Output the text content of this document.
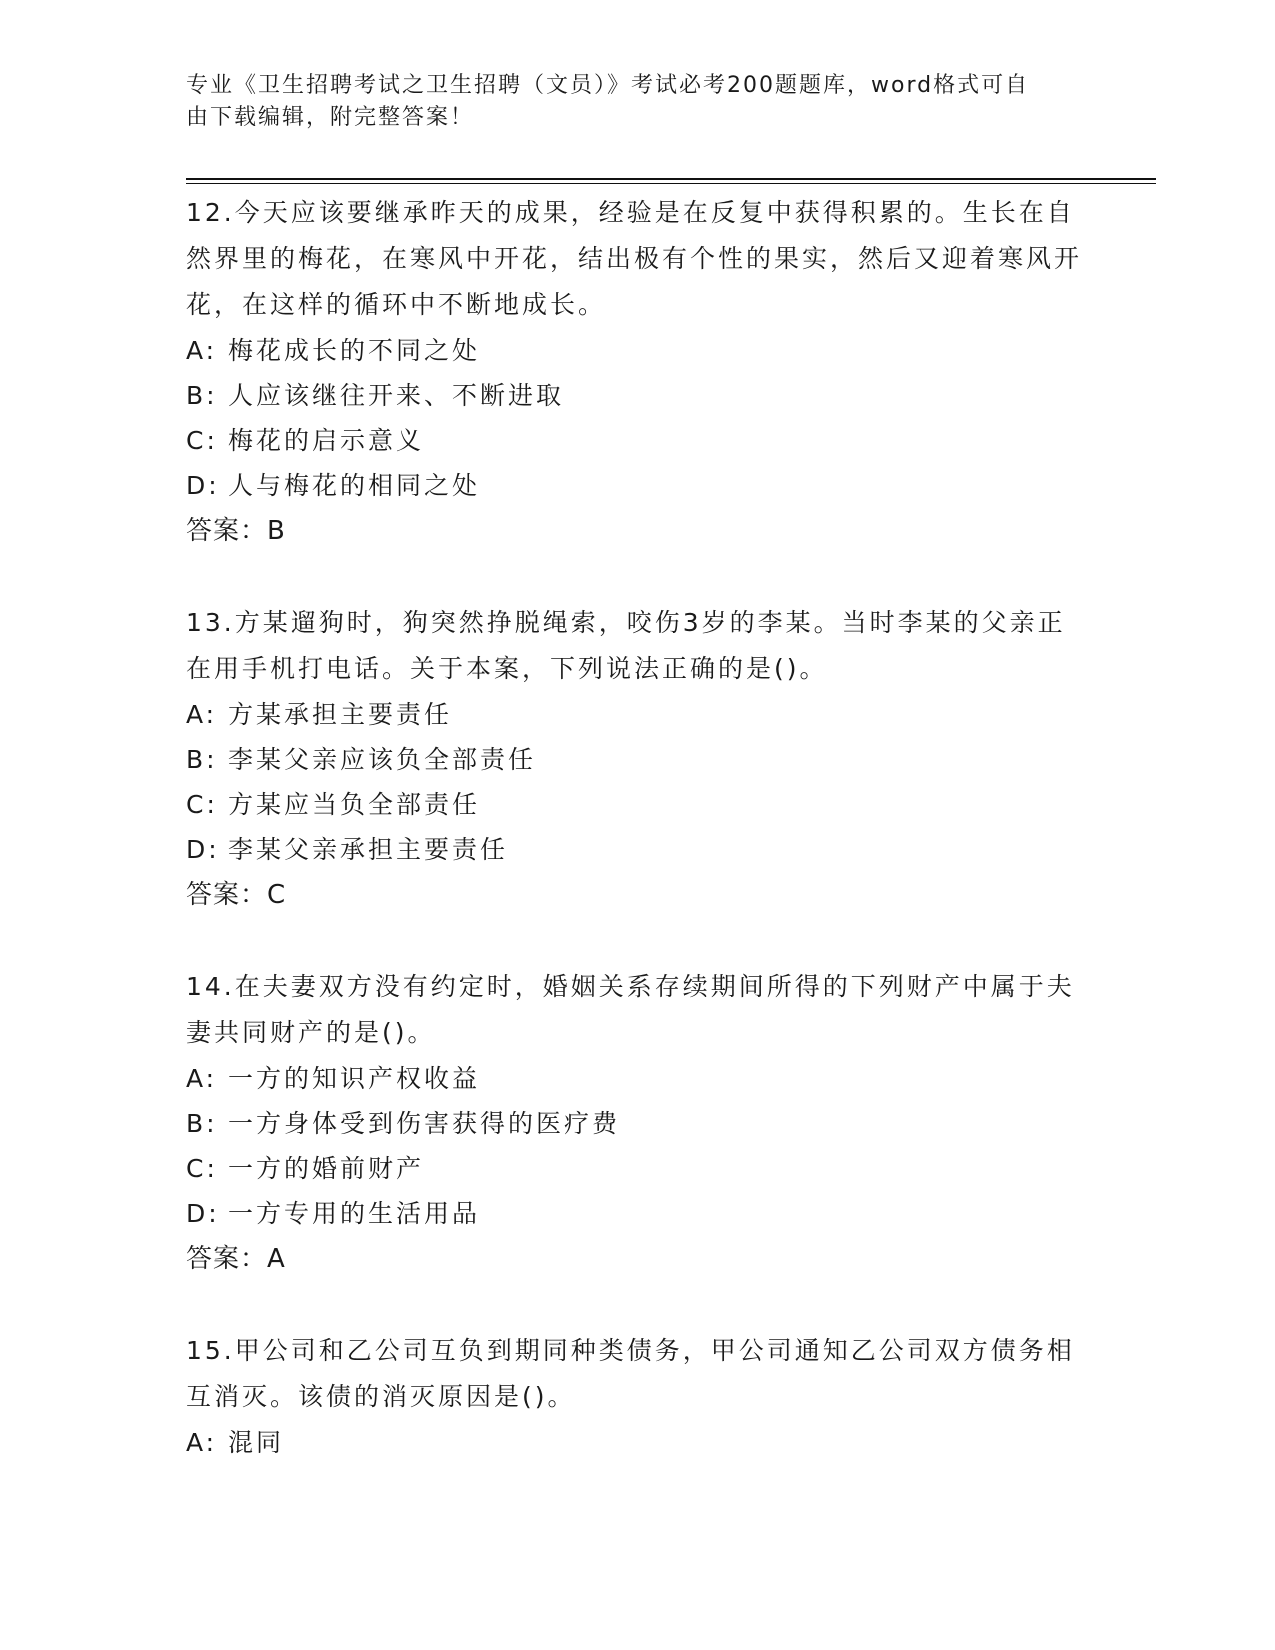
专业《卫生招聘考试之卫生招聘（文员）》考试必考200题题库，word格式可自
由下载编辑，附完整答案！

12.今天应该要继承昨天的成果，经验是在反复中获得积累的。生长在自然界里的梅花，在寒风中开花，结出极有个性的果实，然后又迎着寒风开花，在这样的循环中不断地成长。

A: 梅花成长的不同之处

B: 人应该继往开来、不断进取

C: 梅花的启示意义

D: 人与梅花的相同之处

答案：B

13.方某遛狗时，狗突然挣脱绳索，咬伤3岁的李某。当时李某的父亲正在用手机打电话。关于本案，下列说法正确的是()。

A: 方某承担主要责任

B: 李某父亲应该负全部责任

C: 方某应当负全部责任

D: 李某父亲承担主要责任

答案：C

14.在夫妻双方没有约定时，婚姻关系存续期间所得的下列财产中属于夫妻共同财产的是()。

A: 一方的知识产权收益

B: 一方身体受到伤害获得的医疗费

C: 一方的婚前财产

D: 一方专用的生活用品

答案：A

15.甲公司和乙公司互负到期同种类债务，甲公司通知乙公司双方债务相互消灭。该债的消灭原因是()。

A: 混同
